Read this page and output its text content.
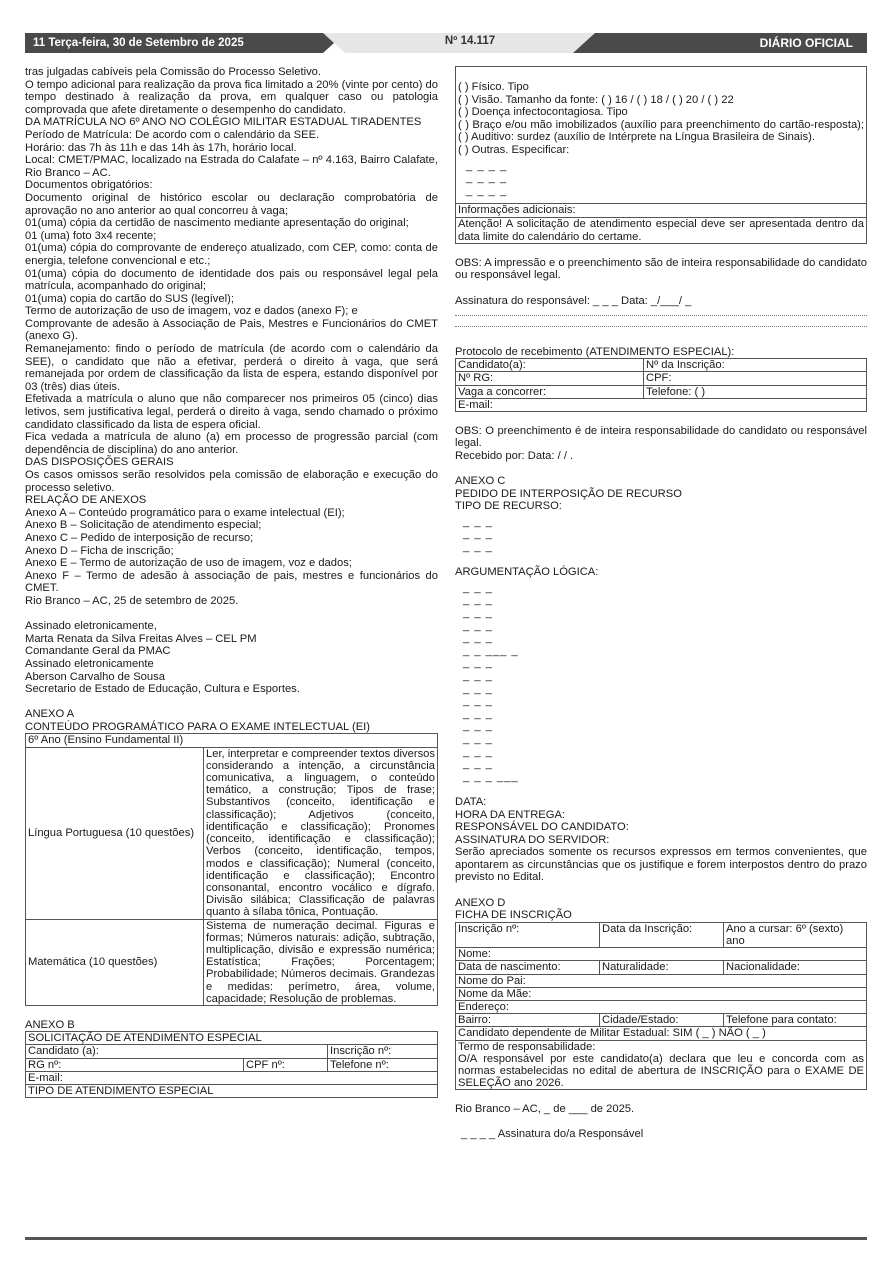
11 Terça-feira, 30 de Setembro de 2025	Nº 14.117	DIÁRIO OFICIAL
tras julgadas cabíveis pela Comissão do Processo Seletivo.
O tempo adicional para realização da prova fica limitado a 20% (vinte por cento) do tempo destinado à realização da prova, em qualquer caso ou patologia comprovada que afete diretamente o desempenho do candidato.
DA MATRÍCULA NO 6º ANO NO COLÉGIO MILITAR ESTADUAL TIRADENTES
Período de Matrícula: De acordo com o calendário da SEE.
Horário: das 7h às 11h e das 14h às 17h, horário local.
Local: CMET/PMAC, localizado na Estrada do Calafate – nº 4.163, Bairro Calafate, Rio Branco – AC.
Documentos obrigatórios:
Documento original de histórico escolar ou declaração comprobatória de aprovação no ano anterior ao qual concorreu à vaga;
01(uma) cópia da certidão de nascimento mediante apresentação do original;
01 (uma) foto 3x4 recente;
01(uma) cópia do comprovante de endereço atualizado, com CEP, como: conta de energia, telefone convencional e etc.;
01(uma) cópia do documento de identidade dos pais ou responsável legal pela matrícula, acompanhado do original;
01(uma) copia do cartão do SUS (legível);
Termo de autorização de uso de imagem, voz e dados (anexo F); e
Comprovante de adesão à Associação de Pais, Mestres e Funcionários do CMET (anexo G).
Remanejamento: findo o período de matrícula (de acordo com o calendário da SEE), o candidato que não a efetivar, perderá o direito à vaga, que será remanejada por ordem de classificação da lista de espera, estando disponível por 03 (três) dias úteis.
Efetivada a matrícula o aluno que não comparecer nos primeiros 05 (cinco) dias letivos, sem justificativa legal, perderá o direito à vaga, sendo chamado o próximo candidato classificado da lista de espera oficial.
Fica vedada a matrícula de aluno (a) em processo de progressão parcial (com dependência de disciplina) do ano anterior.
DAS DISPOSIÇÕES GERAIS
Os casos omissos serão resolvidos pela comissão de elaboração e execução do processo seletivo.
RELAÇÃO DE ANEXOS
Anexo A – Conteúdo programático para o exame intelectual (EI);
Anexo B – Solicitação de atendimento especial;
Anexo C – Pedido de interposição de recurso;
Anexo D – Ficha de inscrição;
Anexo E – Termo de autorização de uso de imagem, voz e dados;
Anexo F – Termo de adesão à associação de pais, mestres e funcionários do CMET.
Rio Branco – AC, 25 de setembro de 2025.
Assinado eletronicamente,
Marta Renata da Silva Freitas Alves – CEL PM
Comandante Geral da PMAC
Assinado eletronicamente
Aberson Carvalho de Sousa
Secretario de Estado de Educação, Cultura e Esportes.
ANEXO A
CONTEÚDO PROGRAMÁTICO PARA O EXAME INTELECTUAL (EI)
6º Ano (Ensino Fundamental II)	
Língua Portuguesa (10 questões)	Ler, interpretar e compreender textos diversos considerando a intenção, a circunstância comunicativa, a linguagem, o conteúdo temático, a construção; Tipos de frase; Substantivos (conceito, identificação e classificação); Adjetivos (conceito, identificação e classificação); Pronomes (conceito, identificação e classificação); Verbos (conceito, identificação, tempos, modos e classificação); Numeral (conceito, identificação e classificação); Encontro consonantal, encontro vocálico e dígrafo. Divisão silábica; Classificação de palavras quanto à sílaba tônica, Pontuação.
Matemática (10 questões)	Sistema de numeração decimal. Figuras e formas; Números naturais: adição, subtração, multiplicação, divisão e expressão numérica; Estatística; Frações; Porcentagem; Probabilidade; Números decimais. Grandezas e medidas: perímetro, área, volume, capacidade; Resolução de problemas.
ANEXO B
SOLICITAÇÃO DE ATENDIMENTO ESPECIAL		
Candidato (a):		Inscrição nº:
RG nº:	CPF nº:	Telefone nº:
E-mail:		
TIPO DE ATENDIMENTO ESPECIAL		
( ) Físico. Tipo
( ) Visão. Tamanho da fonte: ( ) 16 / ( ) 18 / ( ) 20 / ( ) 22
( ) Doença infectocontagiosa. Tipo
( ) Braço e/ou mão imobilizados (auxílio para preenchimento do cartão-resposta); ( ) Auditivo: surdez (auxílio de Intérprete na Língua Brasileira de Sinais).
( ) Outras. Especificar:
_ _ _ _
_ _ _ _
_ _ _ _
Informações adicionais:
Atenção! A solicitação de atendimento especial deve ser apresentada dentro da data limite do calendário do certame.
OBS: A impressão e o preenchimento são de inteira responsabilidade do candidato ou responsável legal.
Assinatura do responsável: _ _ _ Data: _/___/ _
Protocolo de recebimento (ATENDIMENTO ESPECIAL):
Candidato(a):	Nº da Inscrição:
Nº RG:	CPF:
Vaga a concorrer:	Telefone: ( )
E-mail:	
OBS: O preenchimento é de inteira responsabilidade do candidato ou responsável legal.
Recebido por: Data: / / .
ANEXO C
PEDIDO DE INTERPOSIÇÃO DE RECURSO
TIPO DE RECURSO:
_ _ _
_ _ _
_ _ _
ARGUMENTAÇÃO LÓGICA:
_ _ _
_ _ _
_ _ _
_ _ _
_ _ _
_ _ ___ _
_ _ _
_ _ _
_ _ _
_ _ _
_ _ _
_ _ _
_ _ _
_ _ _
_ _ _
_ _ _ ___
DATA:
HORA DA ENTREGA:
RESPONSÁVEL DO CANDIDATO:
ASSINATURA DO SERVIDOR:
Serão apreciados somente os recursos expressos em termos convenientes, que apontarem as circunstâncias que os justifique e forem interpostos dentro do prazo previsto no Edital.
ANEXO D
FICHA DE INSCRIÇÃO
Inscrição nº:	Data da Inscrição:	Ano a cursar: 6º (sexto) ano
Nome:		
Data de nascimento:	Naturalidade:	Nacionalidade:
Nome do Pai:		
Nome da Mãe:		
Endereço:		
Bairro:	Cidade/Estado:	Telefone para contato:
Candidato dependente de Militar Estadual: SIM ( _ ) NÃO ( _ )		

Termo de responsabilidade:
O/A responsável por este candidato(a) declara que leu e concorda com as normas estabelecidas no edital de abertura de INSCRIÇÃO para o EXAME DE SELEÇÃO ano 2026.		
Rio Branco – AC, _ de ___ de 2025.
_ _ _ _ Assinatura do/a Responsável
